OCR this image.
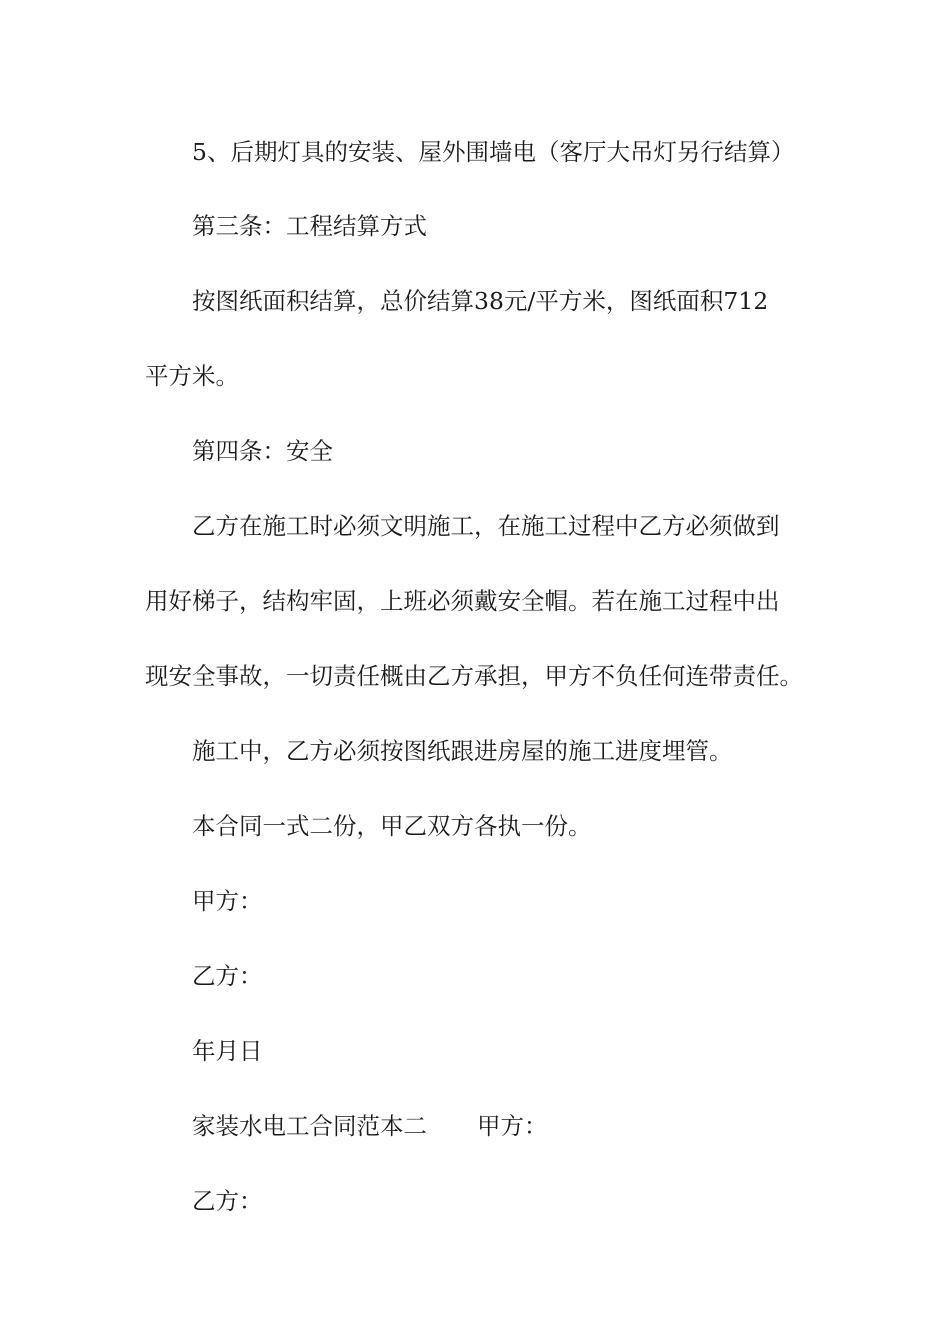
5、后期灯具的安装、屋外围墙电（客厅大吊灯另行结算）
第三条：工程结算方式
按图纸面积结算，总价结算38元/平方米，图纸面积712
平方米。
第四条：安全
乙方在施工时必须文明施工，在施工过程中乙方必须做到
用好梯子，结构牢固，上班必须戴安全帽。若在施工过程中出
现安全事故，一切责任概由乙方承担，甲方不负任何连带责任。
施工中，乙方必须按图纸跟进房屋的施工进度埋管。
本合同一式二份，甲乙双方各执一份。
甲方：
乙方：
年月日
家装水电工合同范本二 甲方：
乙方：
